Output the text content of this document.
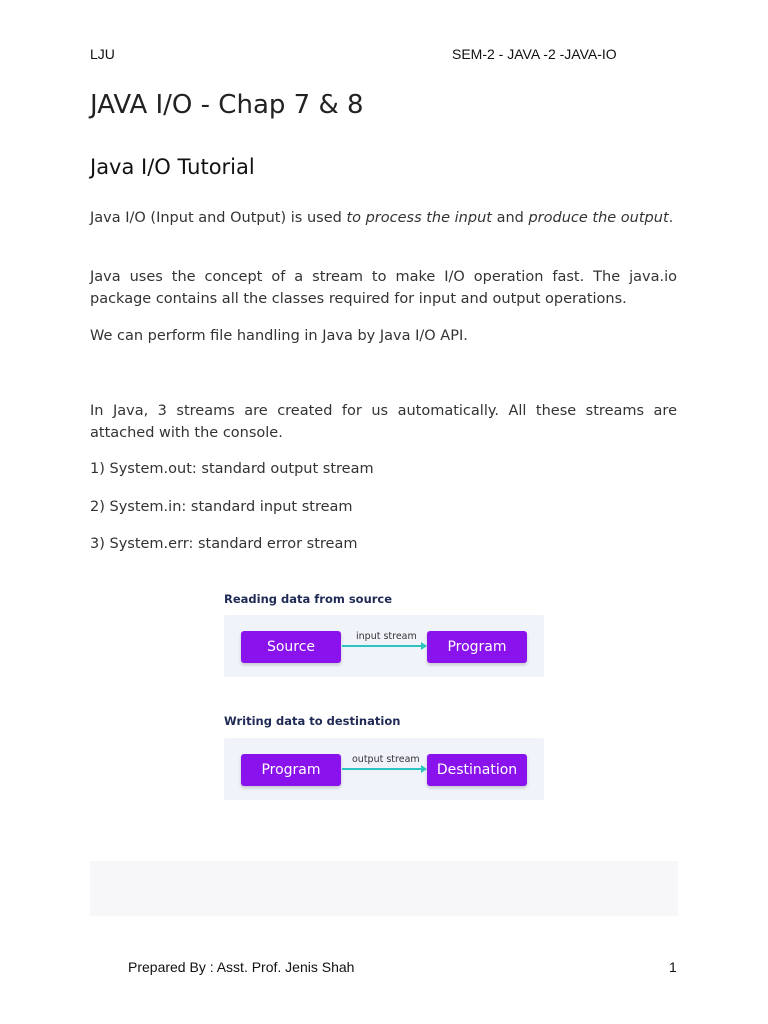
LJU	SEM-2 - JAVA -2 -JAVA-IO
JAVA I/O - Chap 7 & 8
Java I/O Tutorial

Java I/O (Input and Output) is used to process the input and produce the output.

Java uses the concept of a stream to make I/O operation fast. The java.io package contains all the classes required for input and output operations.

We can perform file handling in Java by Java I/O API.

In Java, 3 streams are created for us automatically. All these streams are attached with the console.

1) System.out: standard output stream

2) System.in: standard input stream

3) System.err: standard error stream

Reading data from source
Source
input stream
Program
Writing data to destination
Program
output stream
Destination
Prepared By : Asst. Prof. Jenis Shah	1
